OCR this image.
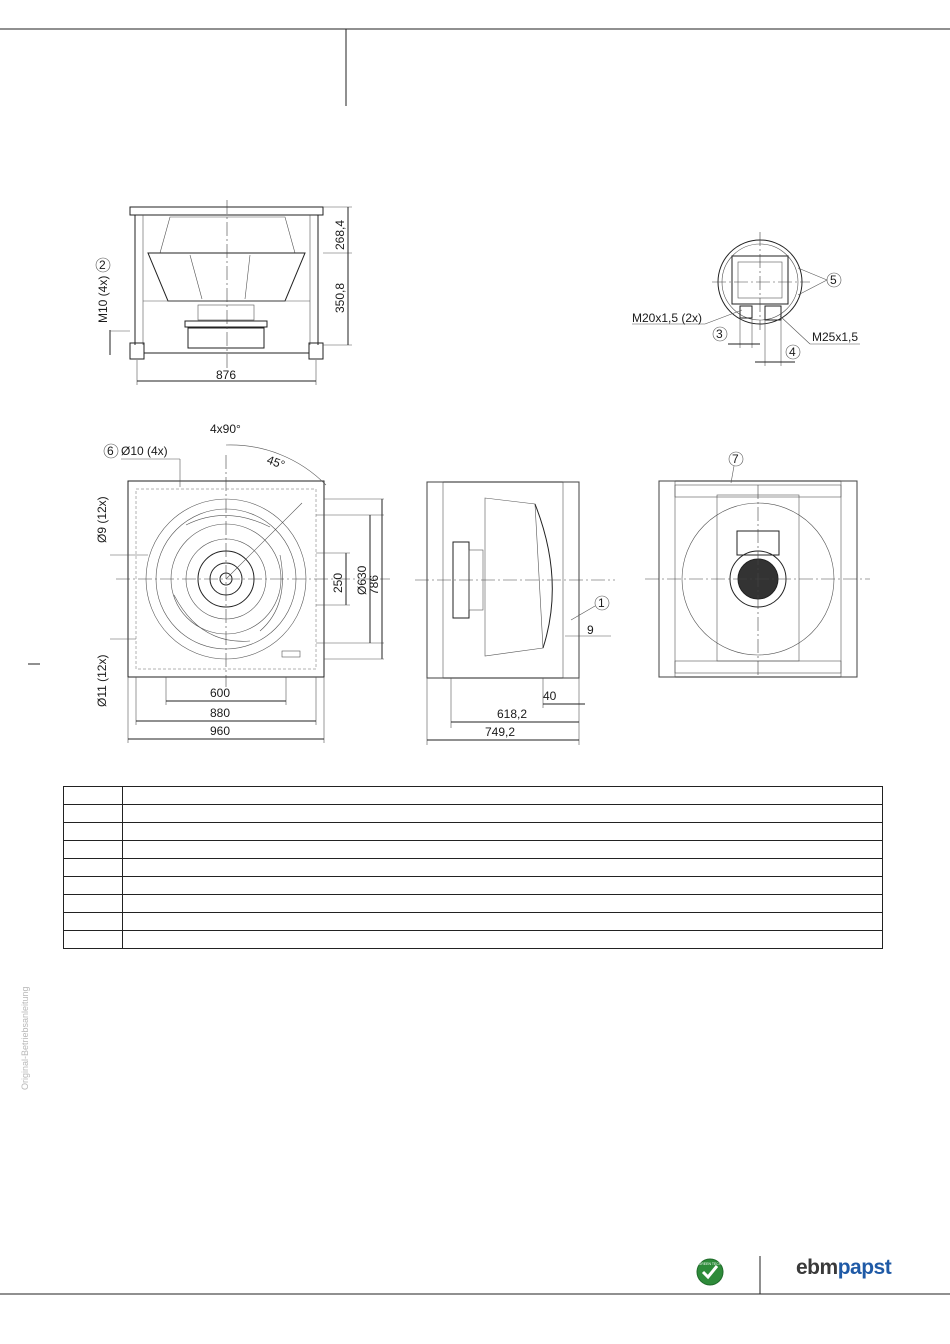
268,4
350,8
876
M10 (4x)
2
5
M20x1,5 (2x)
M25x1,5
3
4
4x90°
45°
6 Ø10 (4x)
Ø9 (12x)
Ø11 (12x)
250 Ø630
786
600
880
960
1
9
40
618,2
749,2
7

Original-Betriebsanleitung
GREEN TECH	ebmpapst
